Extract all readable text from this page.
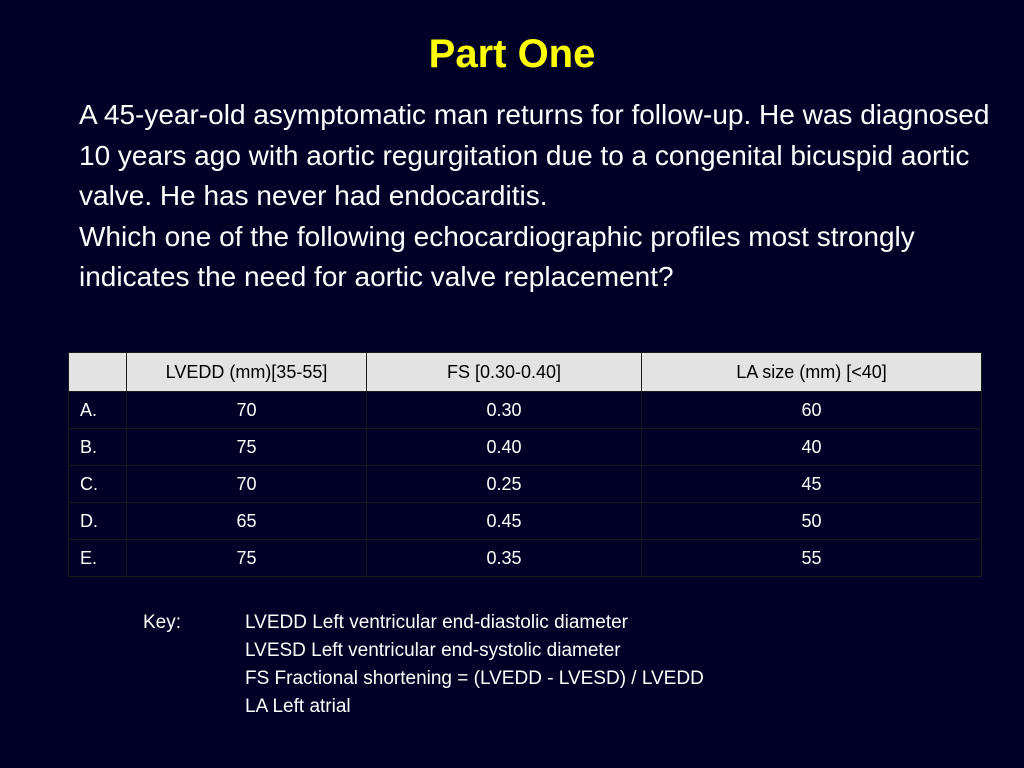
Part One

A 45-year-old asymptomatic man returns for follow-up. He was diagnosed 10 years ago with aortic regurgitation due to a congenital bicuspid aortic valve. He has never had endocarditis.

Which one of the following echocardiographic profiles most strongly indicates the need for aortic valve replacement?

	LVEDD (mm)[35-55]	FS [0.30-0.40]	LA size (mm) [<40]
A.	70	0.30	60
B.	75	0.40	40
C.	70	0.25	45
D.	65	0.45	50
E.	75	0.35	55
Key:	LVEDD Left ventricular end-diastolic diameter
LVESD Left ventricular end-systolic diameter
FS Fractional shortening = (LVEDD - LVESD) / LVEDD
LA Left atrial
